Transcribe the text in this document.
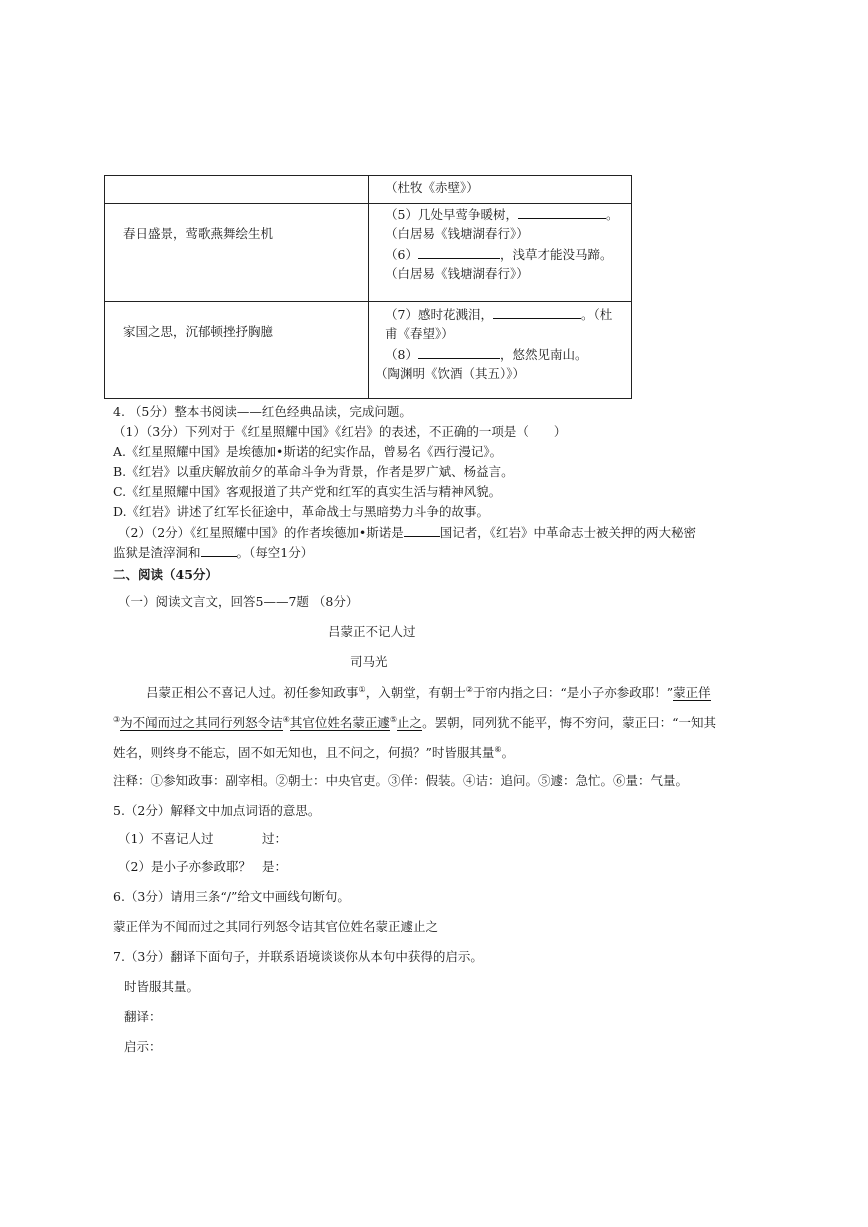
（杜牧《赤壁》）
春日盛景，莺歌燕舞绘生机
（5）几处早莺争暖树，	。
（白居易《钱塘湖春行》）
（6）	，浅草才能没马蹄。
（白居易《钱塘湖春行》）
家国之思，沉郁顿挫抒胸臆
（7）感时花溅泪，	。（杜
甫《春望》）
（8）	，悠然见南山。
（陶渊明《饮酒（其五）》）
4. （5分）整本书阅读——红色经典品读，完成问题。
（1）（3分）下列对于《红星照耀中国》《红岩》的表述，不正确的一项是（　　）
A.《红星照耀中国》是埃德加•斯诺的纪实作品，曾易名《西行漫记》。
B.《红岩》以重庆解放前夕的革命斗争为背景，作者是罗广斌、杨益言。
C.《红星照耀中国》客观报道了共产党和红军的真实生活与精神风貌。
D.《红岩》讲述了红军长征途中，革命战士与黑暗势力斗争的故事。
（2）（2分）《红星照耀中国》的作者埃德加•斯诺是	国记者，《红岩》中革命志士被关押的两大秘密
监狱是渣滓洞和	。（每空1分）
二、阅读（45分）
（一）阅读文言文，回答5——7题 （8分）
吕蒙正不记人过
司马光
吕蒙正相公不喜记人过。初任参知政事①，入朝堂，有朝士②于帘内指之曰：“是小子亦参政耶！”蒙正佯
③为不闻而过之其同行列怒令诘④其官位姓名蒙正遽⑤止之。罢朝，同列犹不能平，悔不穷问，蒙正曰：“一知其
姓名，则终身不能忘，固不如无知也，且不问之，何损？”时皆服其量⑥。
注释：①参知政事：副宰相。②朝士：中央官吏。③佯：假装。④诘：追问。⑤遽：急忙。⑥量：气量。
5.（2分）解释文中加点词语的意思。
（1）不喜记人过	过：
（2）是小子亦参政耶？ 是：
6.（3分）请用三条“/”给文中画线句断句。
蒙正佯为不闻而过之其同行列怒令诘其官位姓名蒙正遽止之
7.（3分）翻译下面句子，并联系语境谈谈你从本句中获得的启示。
时皆服其量。
翻译：
启示：
